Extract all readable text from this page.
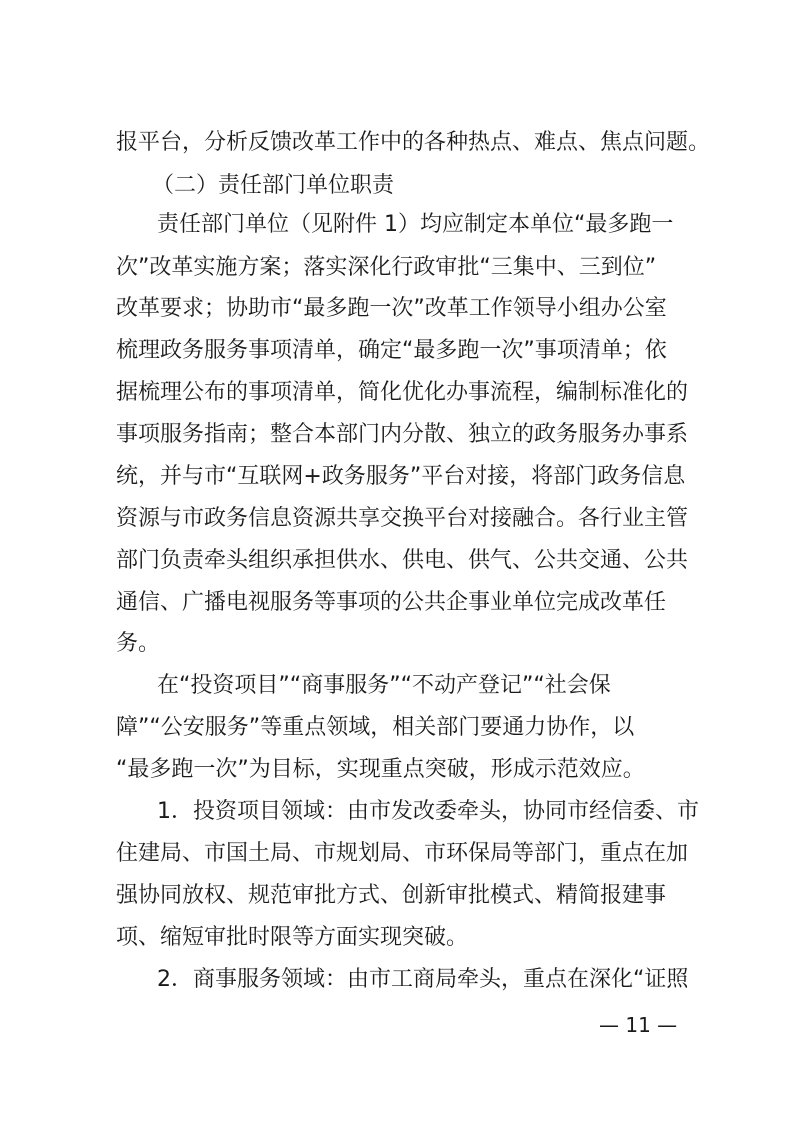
报平台，分析反馈改革工作中的各种热点、难点、焦点问题。

（二）责任部门单位职责

责任部门单位（见附件 1）均应制定本单位“最多跑一

次”改革实施方案；落实深化行政审批“三集中、三到位”

改革要求；协助市“最多跑一次”改革工作领导小组办公室

梳理政务服务事项清单，确定“最多跑一次”事项清单；依

据梳理公布的事项清单，简化优化办事流程，编制标准化的

事项服务指南；整合本部门内分散、独立的政务服务办事系

统，并与市“互联网+政务服务”平台对接，将部门政务信息

资源与市政务信息资源共享交换平台对接融合。各行业主管

部门负责牵头组织承担供水、供电、供气、公共交通、公共

通信、广播电视服务等事项的公共企事业单位完成改革任

务。

在“投资项目”“商事服务”“不动产登记”“社会保

障”“公安服务”等重点领域，相关部门要通力协作，以

“最多跑一次”为目标，实现重点突破，形成示范效应。

1．投资项目领域：由市发改委牵头，协同市经信委、市

住建局、市国土局、市规划局、市环保局等部门，重点在加

强协同放权、规范审批方式、创新审批模式、精简报建事

项、缩短审批时限等方面实现突破。

2．商事服务领域：由市工商局牵头，重点在深化“证照

— 11 —
